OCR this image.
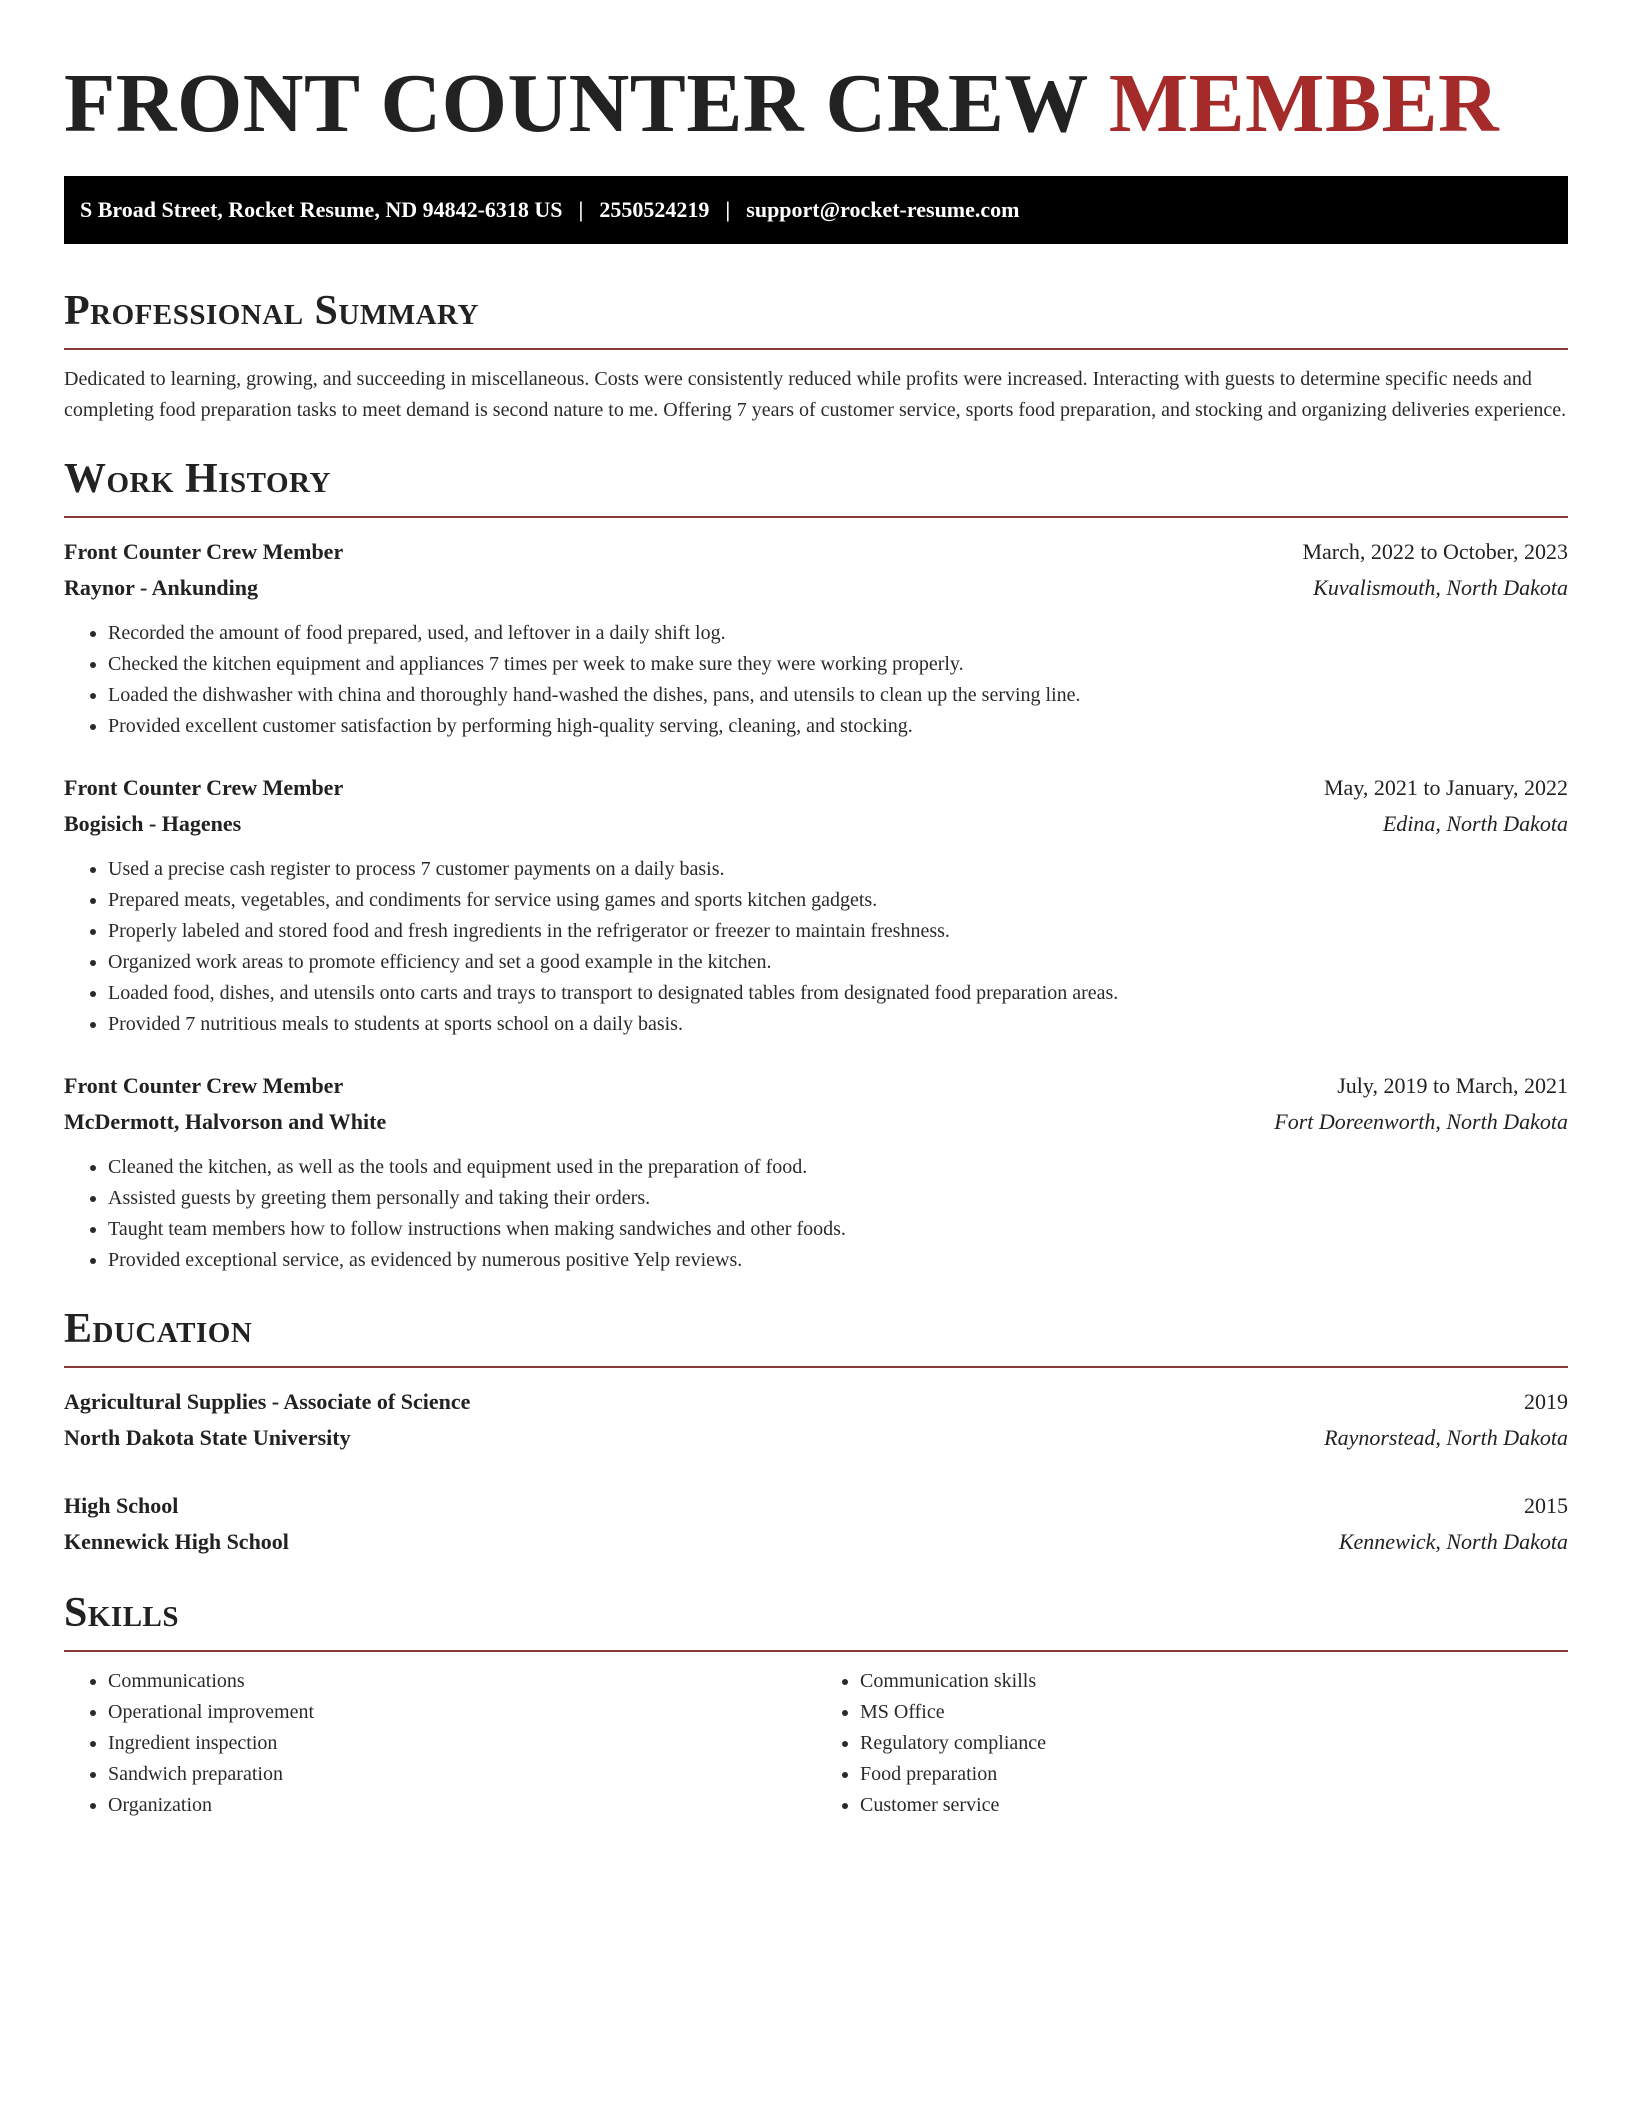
FRONT COUNTER CREW MEMBER
S Broad Street, Rocket Resume, ND 94842-6318 US | 2550524219 | support@rocket-resume.com
Professional Summary

Dedicated to learning, growing, and succeeding in miscellaneous. Costs were consistently reduced while profits were increased. Interacting with guests to determine specific needs and completing food preparation tasks to meet demand is second nature to me. Offering 7 years of customer service, sports food preparation, and stocking and organizing deliveries experience.

Work History
Front Counter Crew Member	March, 2022 to October, 2023
Raynor - Ankunding	Kuvalismouth, North Dakota
• Recorded the amount of food prepared, used, and leftover in a daily shift log.
• Checked the kitchen equipment and appliances 7 times per week to make sure they were working properly.
• Loaded the dishwasher with china and thoroughly hand-washed the dishes, pans, and utensils to clean up the serving line.
• Provided excellent customer satisfaction by performing high-quality serving, cleaning, and stocking.
Front Counter Crew Member	May, 2021 to January, 2022
Bogisich - Hagenes	Edina, North Dakota
• Used a precise cash register to process 7 customer payments on a daily basis.
• Prepared meats, vegetables, and condiments for service using games and sports kitchen gadgets.
• Properly labeled and stored food and fresh ingredients in the refrigerator or freezer to maintain freshness.
• Organized work areas to promote efficiency and set a good example in the kitchen.
• Loaded food, dishes, and utensils onto carts and trays to transport to designated tables from designated food preparation areas.
• Provided 7 nutritious meals to students at sports school on a daily basis.
Front Counter Crew Member	July, 2019 to March, 2021
McDermott, Halvorson and White	Fort Doreenworth, North Dakota
• Cleaned the kitchen, as well as the tools and equipment used in the preparation of food.
• Assisted guests by greeting them personally and taking their orders.
• Taught team members how to follow instructions when making sandwiches and other foods.
• Provided exceptional service, as evidenced by numerous positive Yelp reviews.
Education
Agricultural Supplies - Associate of Science	2019
North Dakota State University	Raynorstead, North Dakota
High School	2015
Kennewick High School	Kennewick, North Dakota
Skills
• Communications
• Operational improvement
• Ingredient inspection
• Sandwich preparation
• Organization
• Communication skills
• MS Office
• Regulatory compliance
• Food preparation
• Customer service
